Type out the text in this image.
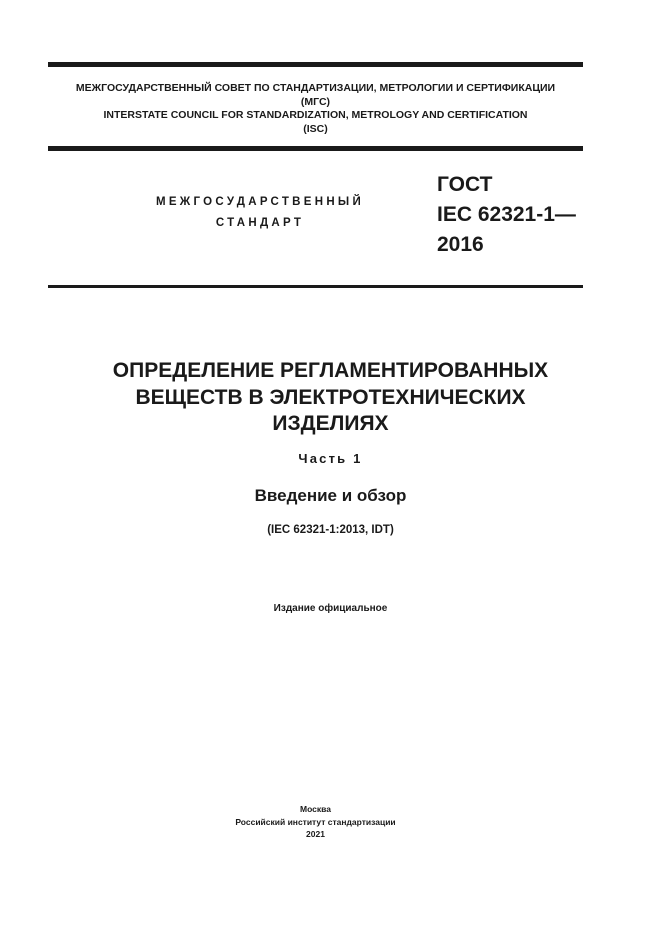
МЕЖГОСУДАРСТВЕННЫЙ СОВЕТ ПО СТАНДАРТИЗАЦИИ, МЕТРОЛОГИИ И СЕРТИФИКАЦИИ
(МГС)
INTERSTATE COUNCIL FOR STANDARDIZATION, METROLOGY AND CERTIFICATION
(ISC)
МЕЖГОСУДАРСТВЕННЫЙ
СТАНДАРТ
ГОСТ
IEC 62321-1—
2016
ОПРЕДЕЛЕНИЕ РЕГЛАМЕНТИРОВАННЫХ
ВЕЩЕСТВ В ЭЛЕКТРОТЕХНИЧЕСКИХ
ИЗДЕЛИЯХ
Часть 1
Введение и обзор
(IEC 62321-1:2013, IDT)
Издание официальное
Москва
Российский институт стандартизации
2021
